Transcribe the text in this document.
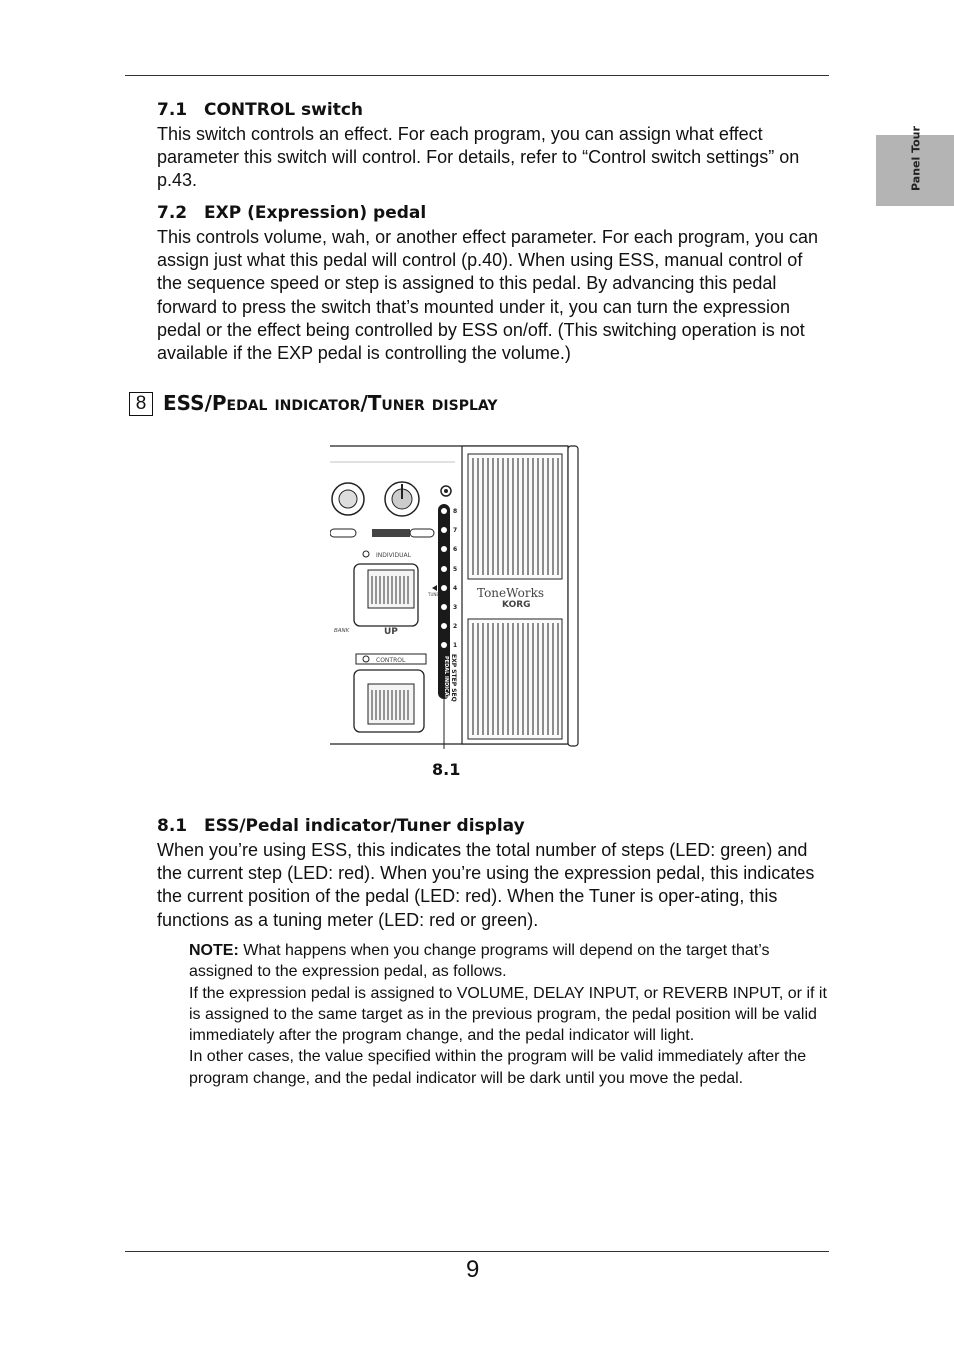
Panel Tour
7.1 CONTROL switch
This switch controls an effect. For each program, you can assign what effect parameter this switch will control. For details, refer to “Control switch settings” on p.43.
7.2 EXP (Expression) pedal
This controls volume, wah, or another effect parameter. For each program, you can assign just what this pedal will control (p.40). When using ESS, manual control of the sequence speed or step is assigned to this pedal. By advancing this pedal forward to press the switch that’s mounted under it, you can turn the expression pedal or the effect being controlled by ESS on/off. (This switching operation is not available if the EXP pedal is controlling the volume.)
8 ESS/Pedal indicator/Tuner display
ToneWorks
KORG
BANK	UP
CONTROL
INDIVIDUAL
TUNE
8
7
6
5
4
3
2
1
EXP STEP SEQ
PEDAL INDICATOR
8.1
8.1 ESS/Pedal indicator/Tuner display
When you’re using ESS, this indicates the total number of steps (LED: green) and the current step (LED: red). When you’re using the expression pedal, this indicates the current position of the pedal (LED: red). When the Tuner is oper-ating, this functions as a tuning meter (LED: red or green).
NOTE: What happens when you change programs will depend on the target that’s assigned to the expression pedal, as follows.
If the expression pedal is assigned to VOLUME, DELAY INPUT, or REVERB INPUT, or if it is assigned to the same target as in the previous program, the pedal position will be valid immediately after the program change, and the pedal indicator will light.
In other cases, the value specified within the program will be valid immediately after the program change, and the pedal indicator will be dark until you move the pedal.
9
